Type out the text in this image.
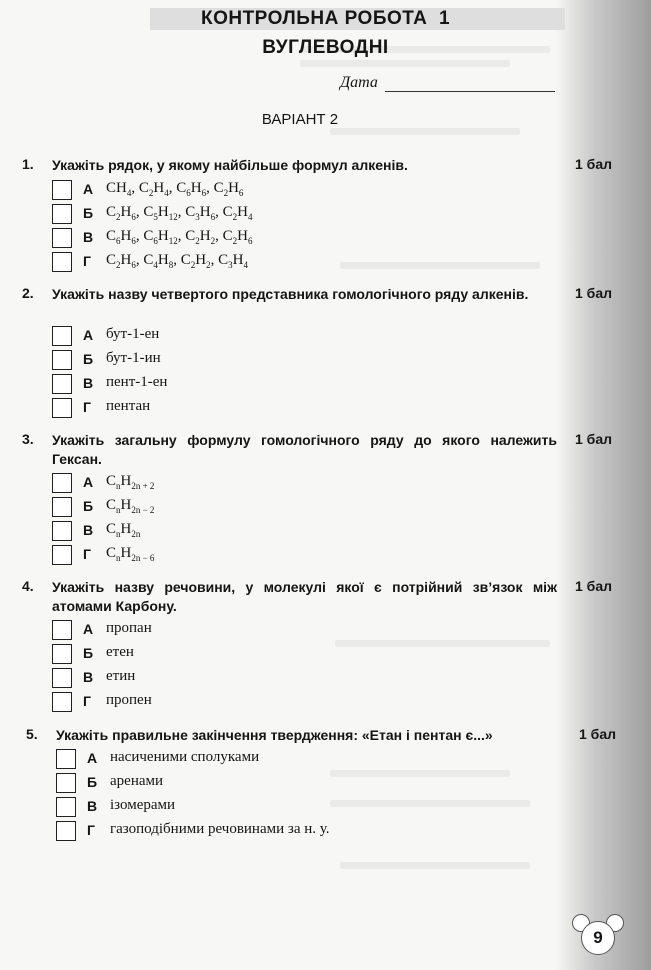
КОНТРОЛЬНА РОБОТА  1
ВУГЛЕВОДНІ
Дата
ВАРІАНТ 2
1. Укажіть рядок, у якому найбільше формул алкенів.	1 бал
А $CH_4$, $C_2H_4$, $C_6H_6$, $C_2H_6$
Б $C_2H_6$, $C_5H_{12}$, $C_3H_6$, $C_2H_4$
В $C_6H_6$, $C_6H_{12}$, $C_2H_2$, $C_2H_6$
Г $C_2H_6$, $C_4H_8$, $C_2H_2$, $C_3H_4$
2. Укажіть назву четвертого представника гомологічного ряду алкенів.	1 бал
А бут-1-ен
Б бут-1-ин
В пент-1-ен
Г пентан
3. Укажіть загальну формулу гомологічного ряду до якого належить Гексан.
1 бал
А $C_nH_{2n + 2}$
Б $C_nH_{2n - 2}$
В $C_nH_{2n}$
Г $C_nH_{2n - 6}$
4. Укажіть назву речовини, у молекулі якої є потрійний зв’язок між атомами Карбону.
1 бал
А пропан
Б етен
В етин
Г пропен
5. Укажіть правильне закінчення твердження: «Етан і пентан є...»	1 бал
А насиченими сполуками
Б аренами
В ізомерами
Г газоподібними речовинами за н. у.
9
